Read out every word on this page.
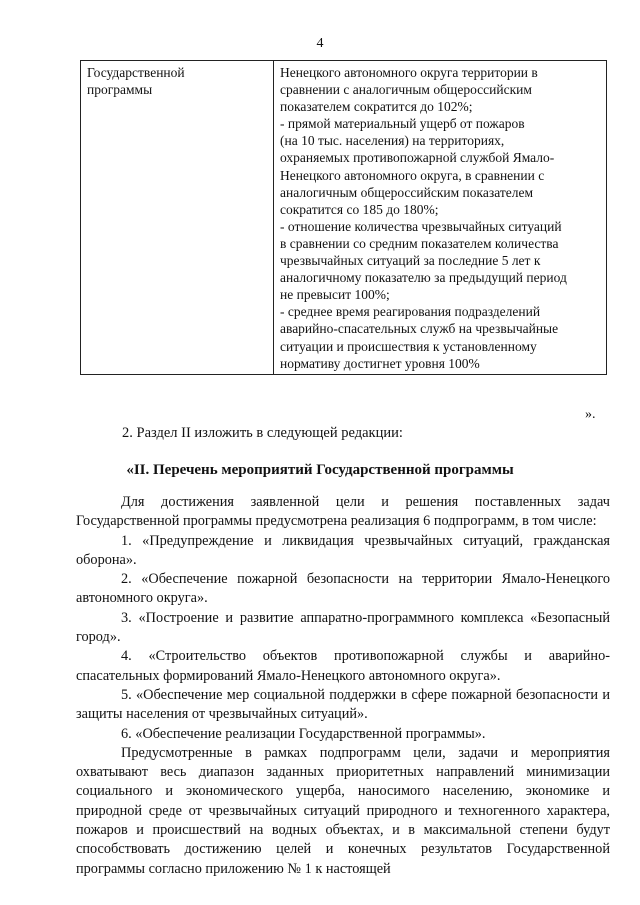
4
Государственной
программы

Ненецкого автономного округа территории в
сравнении с аналогичным общероссийским
показателем сократится до 102%;
- прямой материальный ущерб от пожаров
(на 10 тыс. населения) на территориях,
охраняемых противопожарной службой Ямало-
Ненецкого автономного округа, в сравнении с
аналогичным общероссийским показателем
сократится со 185 до 180%;
- отношение количества чрезвычайных ситуаций
в сравнении со средним показателем количества
чрезвычайных ситуаций за последние 5 лет к
аналогичному показателю за предыдущий период
не превысит 100%;
- среднее время реагирования подразделений
аварийно-спасательных служб на чрезвычайные
ситуации и происшествия к установленному
нормативу достигнет уровня 100%
».
2. Раздел II изложить в следующей редакции:
«II. Перечень мероприятий Государственной программы

Для достижения заявленной цели и решения поставленных задач Государственной программы предусмотрена реализация 6 подпрограмм, в том числе:

1. «Предупреждение и ликвидация чрезвычайных ситуаций, гражданская оборона».

2. «Обеспечение пожарной безопасности на территории Ямало-Ненецкого автономного округа».

3. «Построение и развитие аппаратно-программного комплекса «Безопасный город».

4. «Строительство объектов противопожарной службы и аварийно-спасательных формирований Ямало-Ненецкого автономного округа».

5. «Обеспечение мер социальной поддержки в сфере пожарной безопасности и защиты населения от чрезвычайных ситуаций».

6. «Обеспечение реализации Государственной программы».

Предусмотренные в рамках подпрограмм цели, задачи и мероприятия охватывают весь диапазон заданных приоритетных направлений минимизации социального и экономического ущерба, наносимого населению, экономике и природной среде от чрезвычайных ситуаций природного и техногенного характера, пожаров и происшествий на водных объектах, и в максимальной степени будут способствовать достижению целей и конечных результатов Государственной программы согласно приложению № 1 к настоящей
